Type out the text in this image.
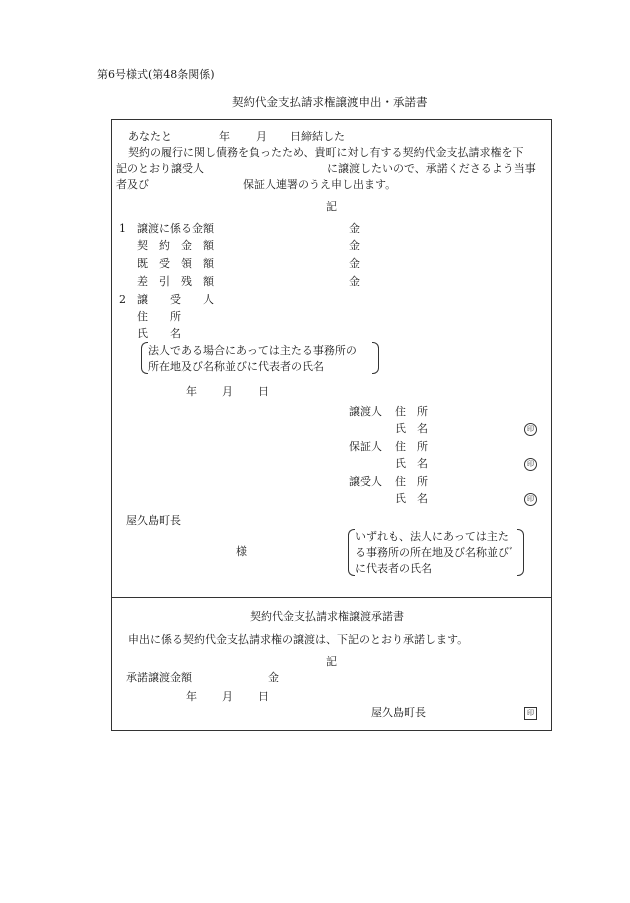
第6号様式(第48条関係)
契約代金支払請求権譲渡申出・承諾書
あなたと	年 月 日締結した
契約の履行に関し債務を負ったため、貴町に対し有する契約代金支払請求権を下
記のとおり譲受人	に譲渡したいので、承諾くださるよう当事
者及び	保証人連署のうえ申し出ます。
記
1 譲渡に係る金額	金
契　約　金　額	金
既　受　領　額	金
差　引　残　額	金
2 譲　　受　　人
住　　所
氏　　名
法人である場合にあっては主たる事務所の
所在地及び名称並びに代表者の氏名
年 月 日
譲渡人 住　所
氏　名	印
保証人 住　所
氏　名	印
譲受人 住　所
氏　名	印
屋久島町長
様
いずれも、法人にあっては主た
る事務所の所在地及び名称並びﾞ
に代表者の氏名
契約代金支払請求権譲渡承諾書
申出に係る契約代金支払請求権の譲渡は、下記のとおり承諾します。
記
承諾譲渡金額	金
年 月 日
屋久島町長	印
